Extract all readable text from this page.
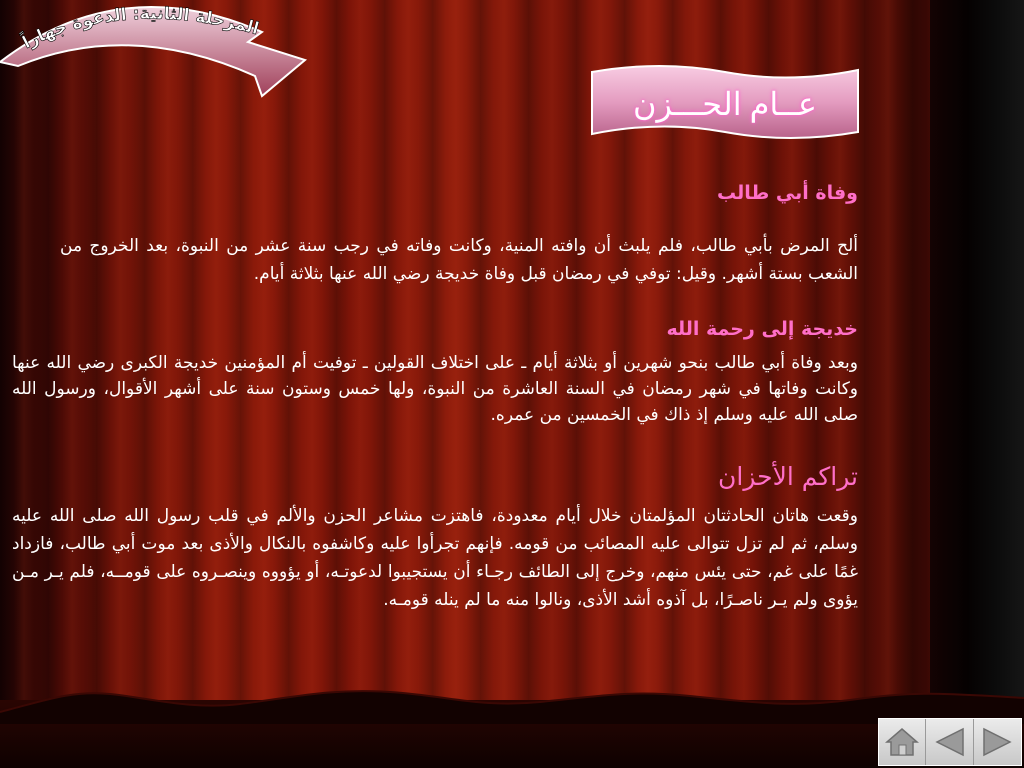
المرحلة الثانية: الدعوة جهاراً
عــام الحـــزن
وفاة أبي طالب
ألح المرض بأبي طالب، فلم يلبث أن وافته المنية، وكانت وفاته في رجب سنة عشر من النبوة، بعد الخروج من الشعب بستة أشهر. وقيل: توفي في رمضان قبل وفاة خديجة رضي الله عنها بثلاثة أيام.
خديجة إلى رحمة الله
وبعد وفاة أبي طالب بنحو شهرين أو بثلاثة أيام ـ على اختلاف القولين ـ توفيت أم المؤمنين خديجة الكبرى رضي الله عنها وكانت وفاتها في شهر رمضان في السنة العاشرة من النبوة، ولها خمس وستون سنة على أشهر الأقوال، ورسول الله صلى الله عليه وسلم إذ ذاك في الخمسين من عمره.
تراكم الأحزان
وقعت هاتان الحادثتان المؤلمتان خلال أيام معدودة، فاهتزت مشاعر الحزن والألم في قلب رسول الله صلى الله عليه وسلم، ثم لم تزل تتوالى عليه المصائب من قومه. فإنهم تجرأوا عليه وكاشفوه بالنكال والأذى بعد موت أبي طالب، فازداد غمًا على غم، حتى يئس منهم، وخرج إلى الطائف رجـاء أن يستجيبوا لدعوتـه، أو يؤووه وينصـروه على قومــه، فلم يـر مـن يؤوى ولم يـر ناصـرًا، بل آذوه أشد الأذى، ونالوا منه ما لم ينله قومـه.
